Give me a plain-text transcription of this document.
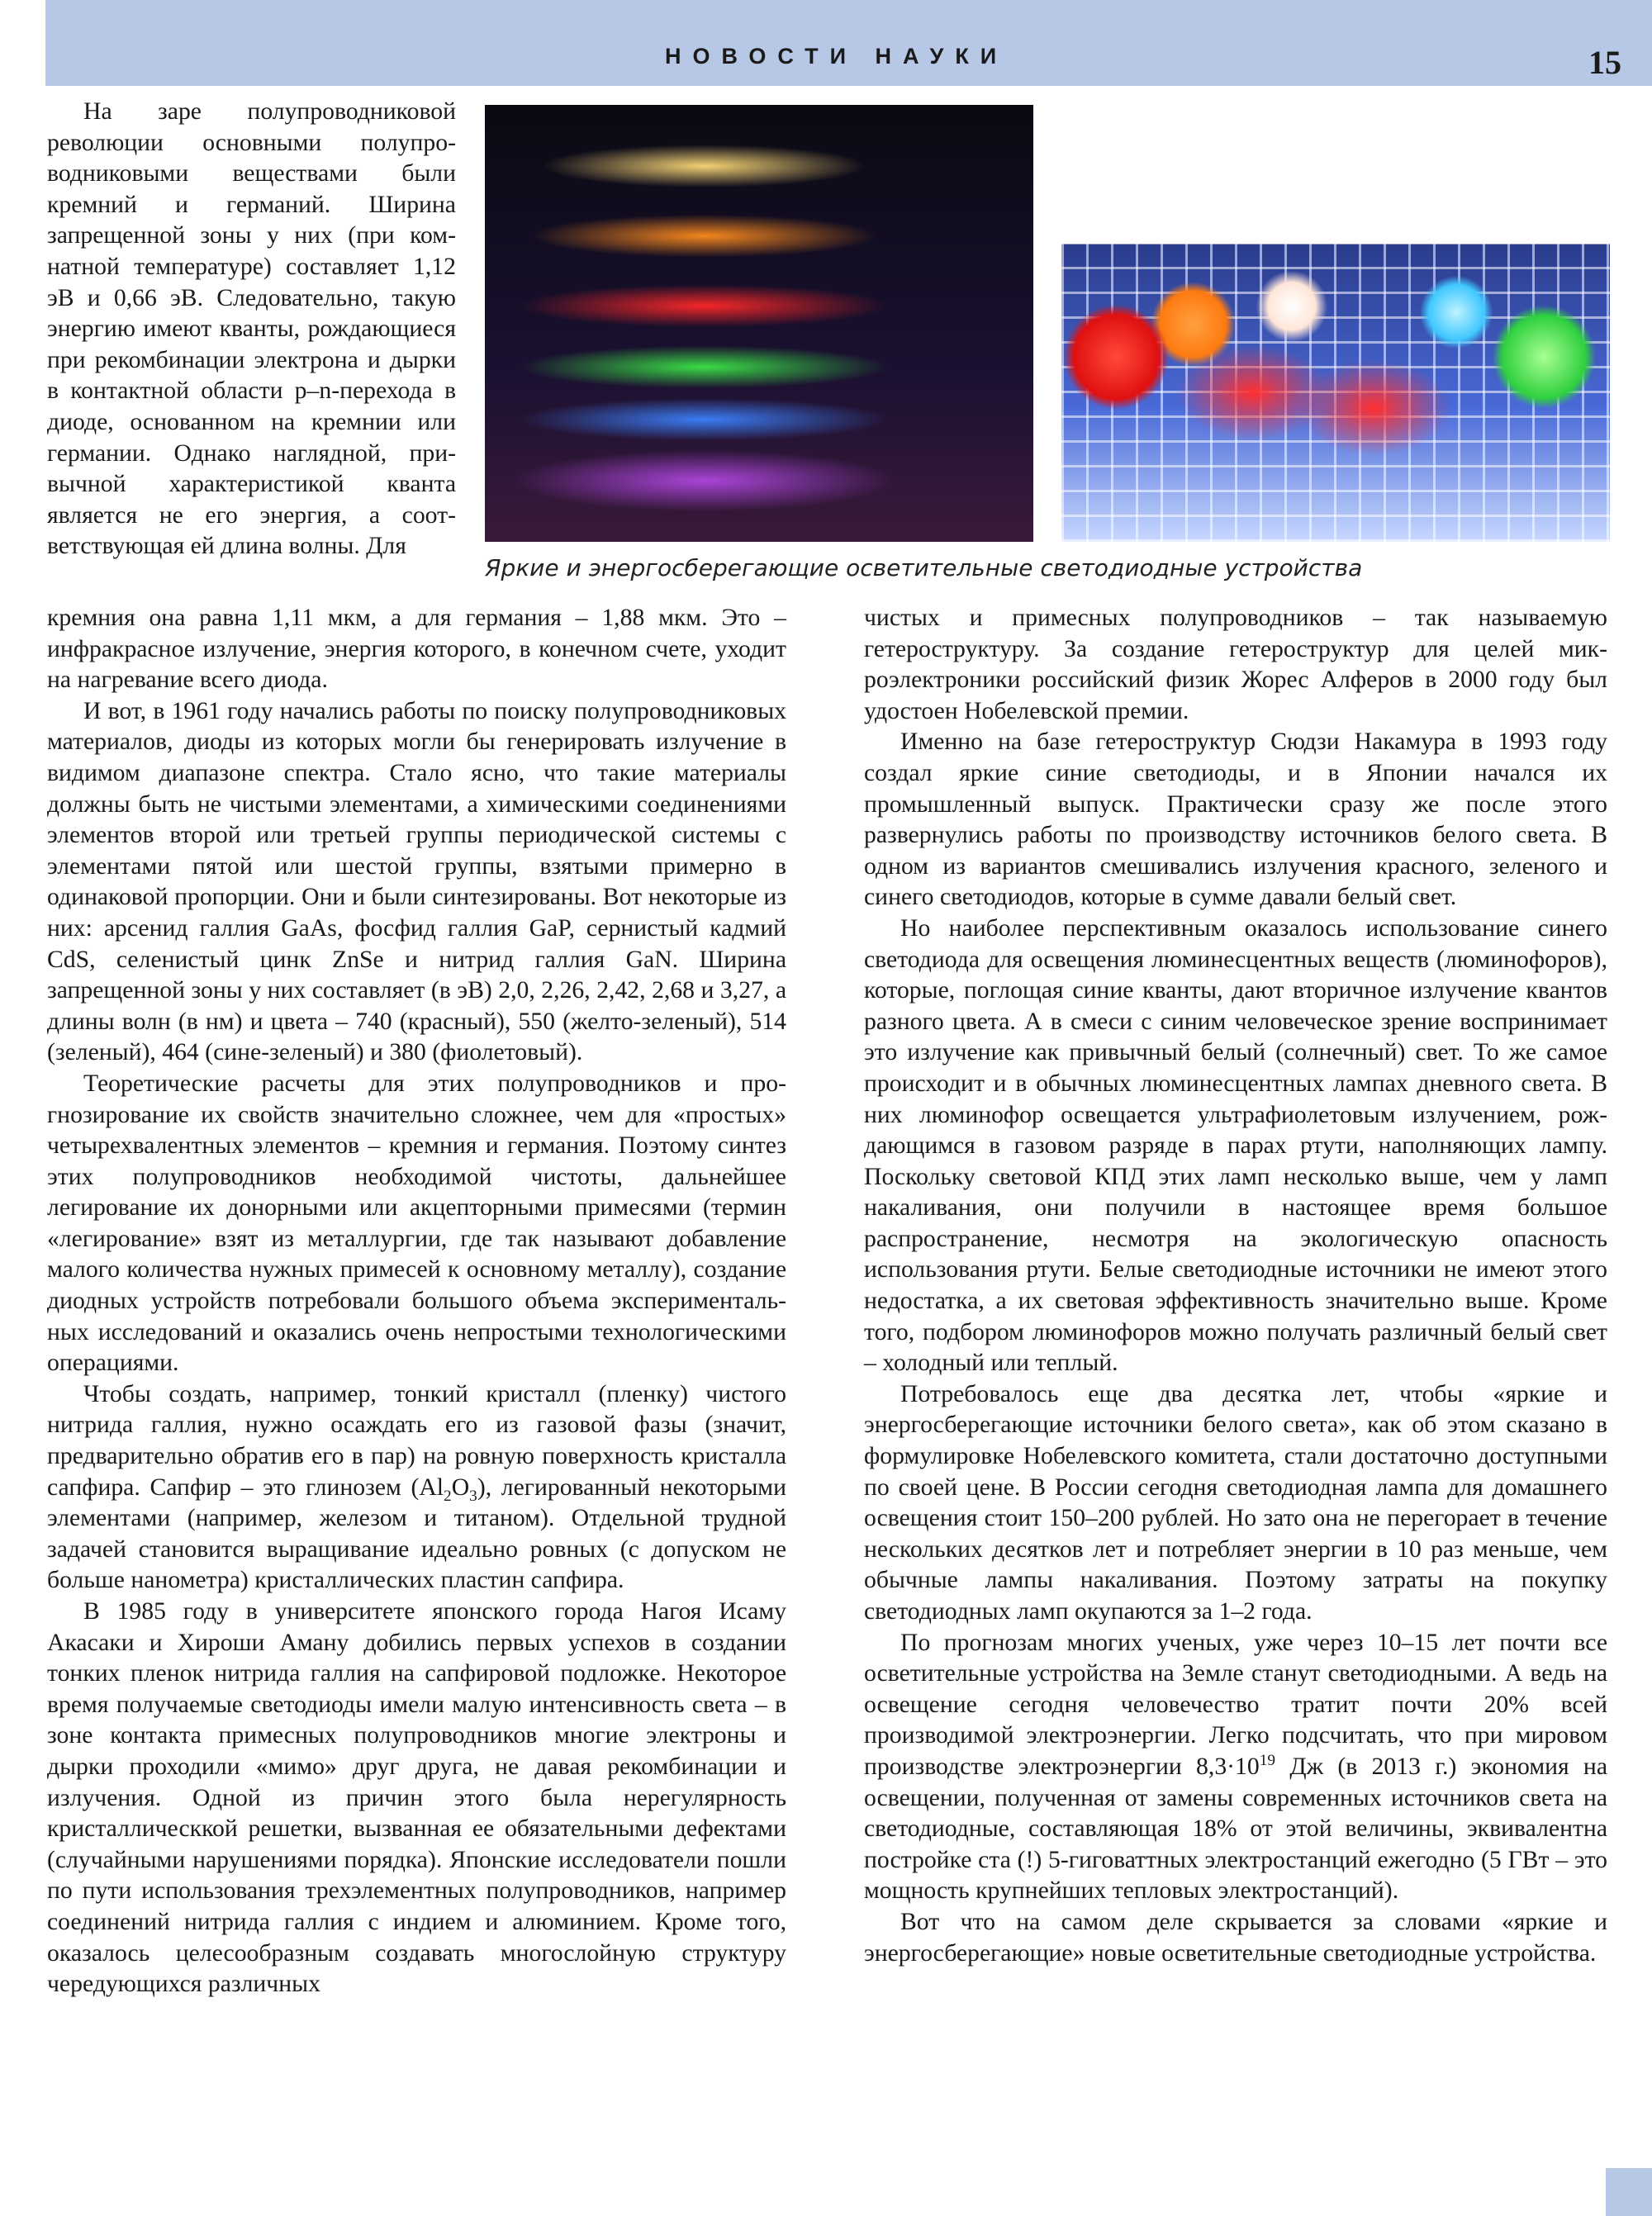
НОВОСТИ НАУКИ	15
Яркие и энергосберегающие осветительные светодиодные устройства

На заре полупроводниковой революции основными полупроводниковыми веществами были кремний и германий. Ширина запрещенной зоны у них (при комнатной температуре) составляет 1,12 эВ и 0,66 эВ. Следовательно, такую энергию имеют кванты, рождающиеся при рекомбинации электрона и дырки в контактной области p–n-перехода в диоде, основанном на кремнии или германии. Однако наглядной, привычной характеристикой кванта является не его энергия, а соответствующая ей длина волны. Для

кремния она равна 1,11 мкм, а для германия – 1,88 мкм. Это – инфракрасное излучение, энергия которого, в конечном счете, уходит на нагревание всего диода.

И вот, в 1961 году начались работы по поиску полупроводниковых материалов, диоды из которых могли бы генерировать излучение в видимом диапазоне спектра. Стало ясно, что такие материалы должны быть не чистыми элементами, а химическими соединениями элементов второй или третьей группы периодической системы с элементами пятой или шестой группы, взятыми примерно в одинаковой пропорции. Они и были синтезированы. Вот некоторые из них: арсенид галлия GaAs, фосфид галлия GaP, сернистый кадмий CdS, селенистый цинк ZnSe и нитрид галлия GaN. Ширина запрещенной зоны у них составляет (в эВ) 2,0, 2,26, 2,42, 2,68 и 3,27, а длины волн (в нм) и цвета – 740 (красный), 550 (желто-зеленый), 514 (зеленый), 464 (сине-зеленый) и 380 (фиолетовый).

Теоретические расчеты для этих полупроводников и прогнозирование их свойств значительно сложнее, чем для «простых» четырехвалентных элементов – кремния и германия. Поэтому синтез этих полупроводников необходимой чистоты, дальнейшее легирование их донорными или акцепторными примесями (термин «легирование» взят из металлургии, где так называют добавление малого количества нужных примесей к основному металлу), создание диодных устройств потребовали большого объема экспериментальных исследований и оказались очень непростыми технологическими операциями.

Чтобы создать, например, тонкий кристалл (пленку) чистого нитрида галлия, нужно осаждать его из газовой фазы (значит, предварительно обратив его в пар) на ровную поверхность кристалла сапфира. Сапфир – это глинозем $(Al_2O_3)$, легированный некоторыми элементами (например, железом и титаном). Отдельной трудной задачей становится выращивание идеально ровных (с допуском не больше нанометра) кристаллических пластин сапфира.

В 1985 году в университете японского города Нагоя Исаму Акасаки и Хироши Аману добились первых успехов в создании тонких пленок нитрида галлия на сапфировой подложке. Некоторое время получаемые светодиоды имели малую интенсивность света – в зоне контакта примесных полупроводников многие электроны и дырки проходили «мимо» друг друга, не давая рекомбинации и излучения. Одной из причин этого была нерегулярность кристаллическкой решетки, вызванная ее обязательными дефектами (случайными нарушениями порядка). Японские исследователи пошли по пути использования трехэлементных полупроводников, например соединений нитрида галлия с индием и алюминием. Кроме того, оказалось целесообразным создавать многослойную структуру чередующихся различных

чистых и примесных полупроводников – так называемую гетероструктуру. За создание гетероструктур для целей микроэлектроники российский физик Жорес Алферов в 2000 году был удостоен Нобелевской премии.

Именно на базе гетероструктур Сюдзи Накамура в 1993 году создал яркие синие светодиоды, и в Японии начался их промышленный выпуск. Практически сразу же после этого развернулись работы по производству источников белого света. В одном из вариантов смешивались излучения красного, зеленого и синего светодиодов, которые в сумме давали белый свет.

Но наиболее перспективным оказалось использование синего светодиода для освещения люминесцентных веществ (люминофоров), которые, поглощая синие кванты, дают вторичное излучение квантов разного цвета. А в смеси с синим человеческое зрение воспринимает это излучение как привычный белый (солнечный) свет. То же самое происходит и в обычных люминесцентных лампах дневного света. В них люминофор освещается ультрафиолетовым излучением, рождающимся в газовом разряде в парах ртути, наполняющих лампу. Поскольку световой КПД этих ламп несколько выше, чем у ламп накаливания, они получили в настоящее время большое распространение, несмотря на экологическую опасность использования ртути. Белые светодиодные источники не имеют этого недостатка, а их световая эффективность значительно выше. Кроме того, подбором люминофоров можно получать различный белый свет – холодный или теплый.

Потребовалось еще два десятка лет, чтобы «яркие и энергосберегающие источники белого света», как об этом сказано в формулировке Нобелевского комитета, стали достаточно доступными по своей цене. В России сегодня светодиодная лампа для домашнего освещения стоит 150–200 рублей. Но зато она не перегорает в течение нескольких десятков лет и потребляет энергии в 10 раз меньше, чем обычные лампы накаливания. Поэтому затраты на покупку светодиодных ламп окупаются за 1–2 года.

По прогнозам многих ученых, уже через 10–15 лет почти все осветительные устройства на Земле станут светодиодными. А ведь на освещение сегодня человечество тратит почти 20% всей производимой электроэнергии. Легко подсчитать, что при мировом производстве электроэнергии $8,3\cdot 10^{19}$ Дж (в 2013 г.) экономия на освещении, полученная от замены современных источников света на светодиодные, составляющая 18% от этой величины, эквивалентна постройке ста (!) 5-гиговаттных электростанций ежегодно (5 ГВт – это мощность крупнейших тепловых электростанций).

Вот что на самом деле скрывается за словами «яркие и энергосберегающие» новые осветительные светодиодные устройства.
